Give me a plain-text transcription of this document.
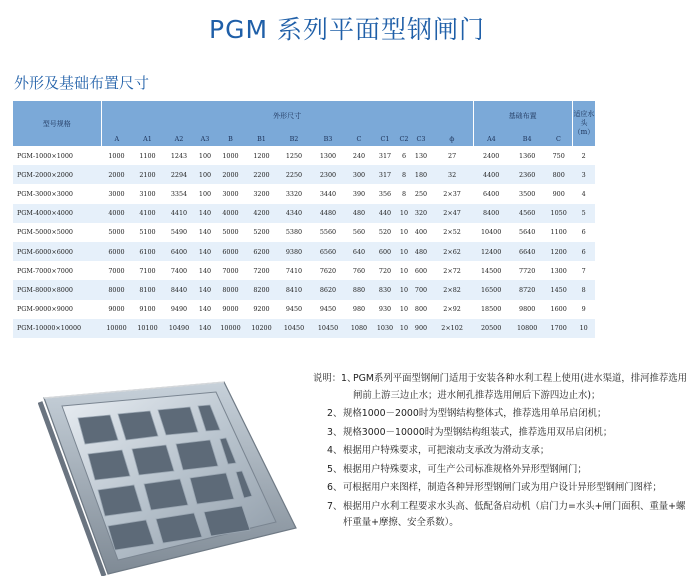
PGM 系列平面型钢闸门
外形及基础布置尺寸
型号规格	外形尺寸													基础布置			适应水头（m）
	A	A1	A2	A3	B	B1	B2	B3	C	C1	C2	C3	ф	A4	B4	C	
PGM-1000×1000	1000	1100	1243	100	1000	1200	1250	1300	240	317	6	130	27	2400	1360	750	2
PGM-2000×2000	2000	2100	2294	100	2000	2200	2250	2300	300	317	8	180	32	4400	2360	800	3
PGM-3000×3000	3000	3100	3354	100	3000	3200	3320	3440	390	356	8	250	2×37	6400	3500	900	4
PGM-4000×4000	4000	4100	4410	140	4000	4200	4340	4480	480	440	10	320	2×47	8400	4560	1050	5
PGM-5000×5000	5000	5100	5490	140	5000	5200	5380	5560	560	520	10	400	2×52	10400	5640	1100	6
PGM-6000×6000	6000	6100	6400	140	6000	6200	9380	6560	640	600	10	480	2×62	12400	6640	1200	6
PGM-7000×7000	7000	7100	7400	140	7000	7200	7410	7620	760	720	10	600	2×72	14500	7720	1300	7
PGM-8000×8000	8000	8100	8440	140	8000	8200	8410	8620	880	830	10	700	2×82	16500	8720	1450	8
PGM-9000×9000	9000	9100	9490	140	9000	9200	9450	9450	980	930	10	800	2×92	18500	9800	1600	9
PGM-10000×10000	10000	10100	10490	140	10000	10200	10450	10450	1080	1030	10	900	2×102	20500	10800	1700	10
说明： 1、
PGM系列平面型钢闸门适用于安装各种水利工程上使用(进水渠道，排河推荐选用闸前上游三边止水；进水闸孔推荐选用闸后下游四边止水)；
2、 规格1000－2000时为型钢结构整体式，推荐选用单吊启闭机；
3、 规格3000－10000时为型钢结构组装式，推荐选用双吊启闭机；
4、 根据用户特殊要求，可把滚动支承改为滑动支承；
5、 根据用户特殊要求，可生产公司标准规格外异形型钢闸门；
6、 可根据用户来图样，制造各种异形型钢闸门或为用户设计异形型钢闸门图样；
7、 根据用户水利工程要求水头高、低配备启动机（启门力=水头+闸门面积、重量+螺杆重量+摩擦、安全系数）。
